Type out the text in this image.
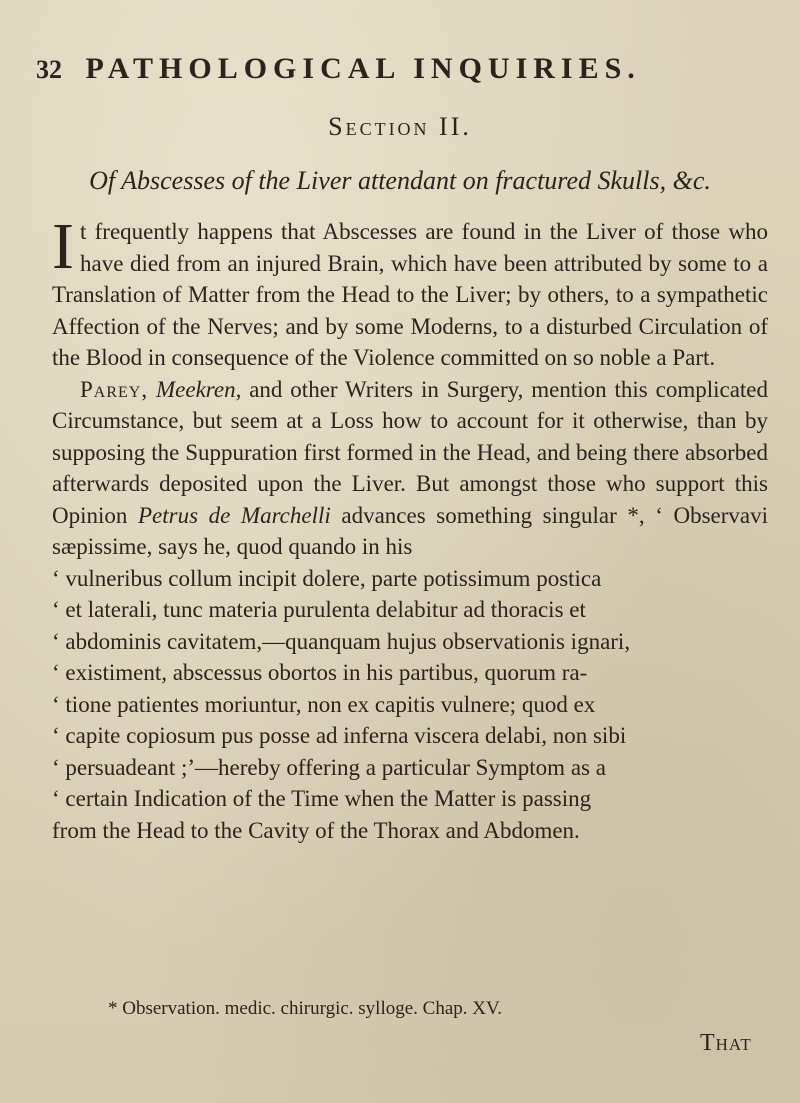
32 PATHOLOGICAL INQUIRIES.
Section II.
Of Abscesses of the Liver attendant on fractured Skulls, &c.

It frequently happens that Abscesses are found in the Liver of those who have died from an injured Brain, which have been attributed by some to a Translation of Matter from the Head to the Liver; by others, to a sympathetic Affection of the Nerves; and by some Moderns, to a disturbed Circulation of the Blood in consequence of the Violence committed on so noble a Part.

Parey, Meekren, and other Writers in Surgery, mention this complicated Circumstance, but seem at a Loss how to account for it otherwise, than by supposing the Suppuration first formed in the Head, and being there absorbed afterwards deposited upon the Liver. But amongst those who support this Opinion Petrus de Marchelli advances something singular *, ‘ Observavi sæpissime, says he, quod quando in his
‘ vulneribus collum incipit dolere, parte potissimum postica
‘ et laterali, tunc materia purulenta delabitur ad thoracis et
‘ abdominis cavitatem,—quanquam hujus observationis ignari,
‘ existiment, abscessus obortos in his partibus, quorum ra-
‘ tione patientes moriuntur, non ex capitis vulnere; quod ex
‘ capite copiosum pus posse ad inferna viscera delabi, non sibi
‘ persuadeant ;’—hereby offering a particular Symptom as a
‘ certain Indication of the Time when the Matter is passing
from the Head to the Cavity of the Thorax and Abdomen.

* Observation. medic. chirurgic. sylloge. Chap. XV.
That
